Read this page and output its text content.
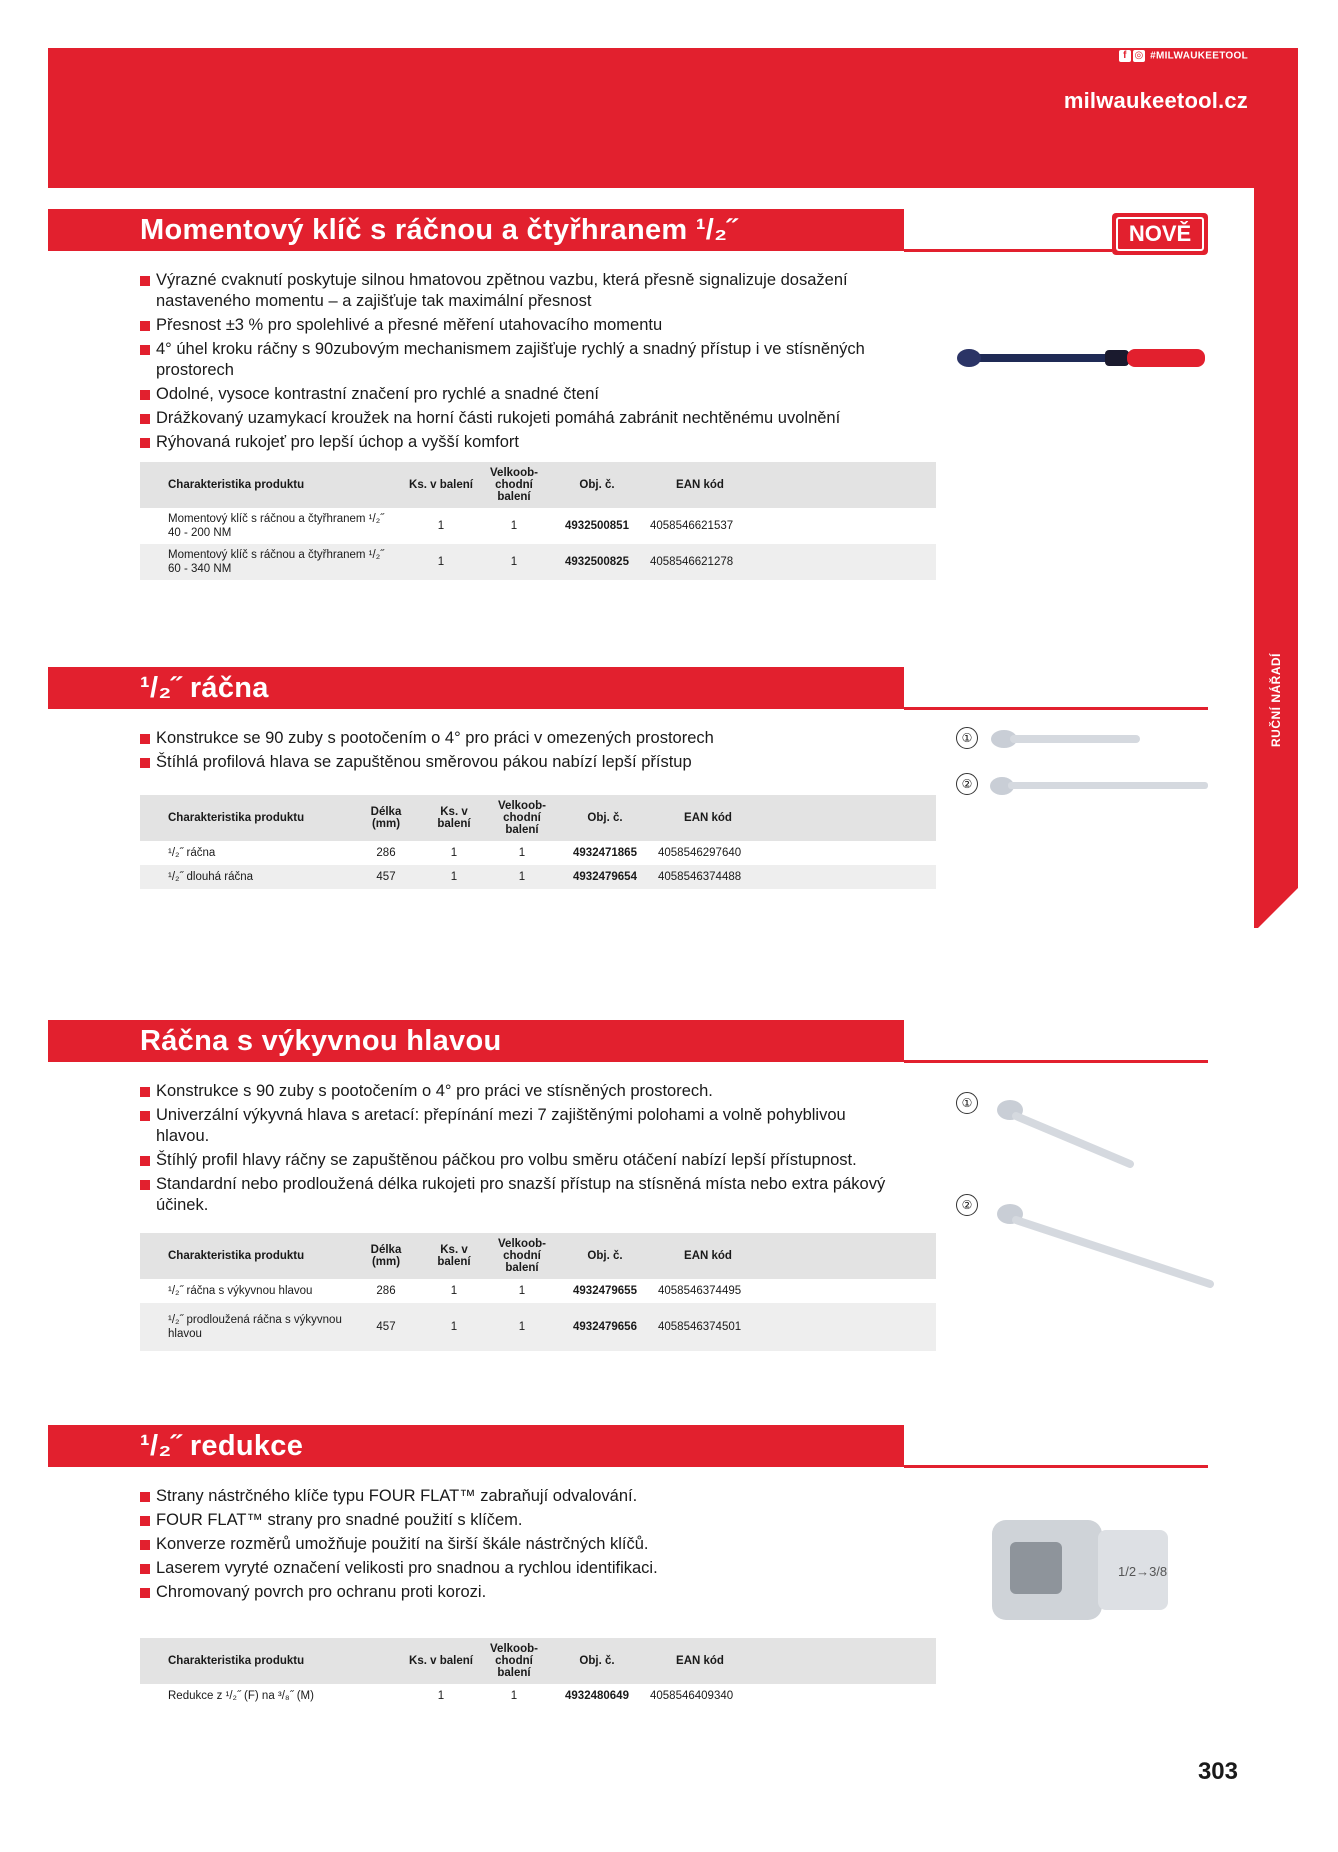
f ◎ #MILWAUKEETOOL
milwaukeetool.cz
RUČNÍ NÁŘADÍ
Momentový klíč s ráčnou a čtyřhranem ¹/₂˝	NOVĚ
Výrazné cvaknutí poskytuje silnou hmatovou zpětnou vazbu, která přesně signalizuje dosažení nastaveného momentu – a zajišťuje tak maximální přesnost
Přesnost ±3 % pro spolehlivé a přesné měření utahovacího momentu
4° úhel kroku ráčny s 90zubovým mechanismem zajišťuje rychlý a snadný přístup i ve stísněných prostorech
Odolné, vysoce kontrastní značení pro rychlé a snadné čtení
Drážkovaný uzamykací kroužek na horní části rukojeti pomáhá zabránit nechtěnému uvolnění
Rýhovaná rukojeť pro lepší úchop a vyšší komfort
Charakteristika produktu	Ks. v balení	Velkoobchodní balení	Obj. č.	EAN kód	
Momentový klíč s ráčnou a čtyřhranem ¹/₂˝ 40 - 200 NM	1	1	4932500851	4058546621537	
Momentový klíč s ráčnou a čtyřhranem ¹/₂˝ 60 - 340 NM	1	1	4932500825	4058546621278	
¹/₂˝ ráčna
Konstrukce se 90 zuby s pootočením o 4° pro práci v omezených prostorech
Štíhlá profilová hlava se zapuštěnou směrovou pákou nabízí lepší přístup
①
②
Charakteristika produktu	Délka (mm)	Ks. v balení	Velkoobchodní balení	Obj. č.	EAN kód	
¹/₂˝ ráčna	286	1	1	4932471865	4058546297640	
¹/₂˝ dlouhá ráčna	457	1	1	4932479654	4058546374488	
Ráčna s výkyvnou hlavou
Konstrukce s 90 zuby s pootočením o 4° pro práci ve stísněných prostorech.
Univerzální výkyvná hlava s aretací: přepínání mezi 7 zajištěnými polohami a volně pohyblivou hlavou.
Štíhlý profil hlavy ráčny se zapuštěnou páčkou pro volbu směru otáčení nabízí lepší přístupnost.
Standardní nebo prodloužená délka rukojeti pro snazší přístup na stísněná místa nebo extra pákový účinek.
①
②
Charakteristika produktu	Délka (mm)	Ks. v balení	Velkoobchodní balení	Obj. č.	EAN kód	
¹/₂˝ ráčna s výkyvnou hlavou	286	1	1	4932479655	4058546374495	
¹/₂˝ prodloužená ráčna s výkyvnou hlavou	457	1	1	4932479656	4058546374501	
¹/₂˝ redukce
Strany nástrčného klíče typu FOUR FLAT™ zabraňují odvalování.
FOUR FLAT™ strany pro snadné použití s klíčem.
Konverze rozměrů umožňuje použití na širší škále nástrčných klíčů.
Laserem vyryté označení velikosti pro snadnou a rychlou identifikaci.
Chromovaný povrch pro ochranu proti korozi.
1/2→3/8
Charakteristika produktu	Ks. v balení	Velkoobchodní balení	Obj. č.	EAN kód	
Redukce z ¹/₂˝ (F) na ³/₈˝ (M)	1	1	4932480649	4058546409340	
303
